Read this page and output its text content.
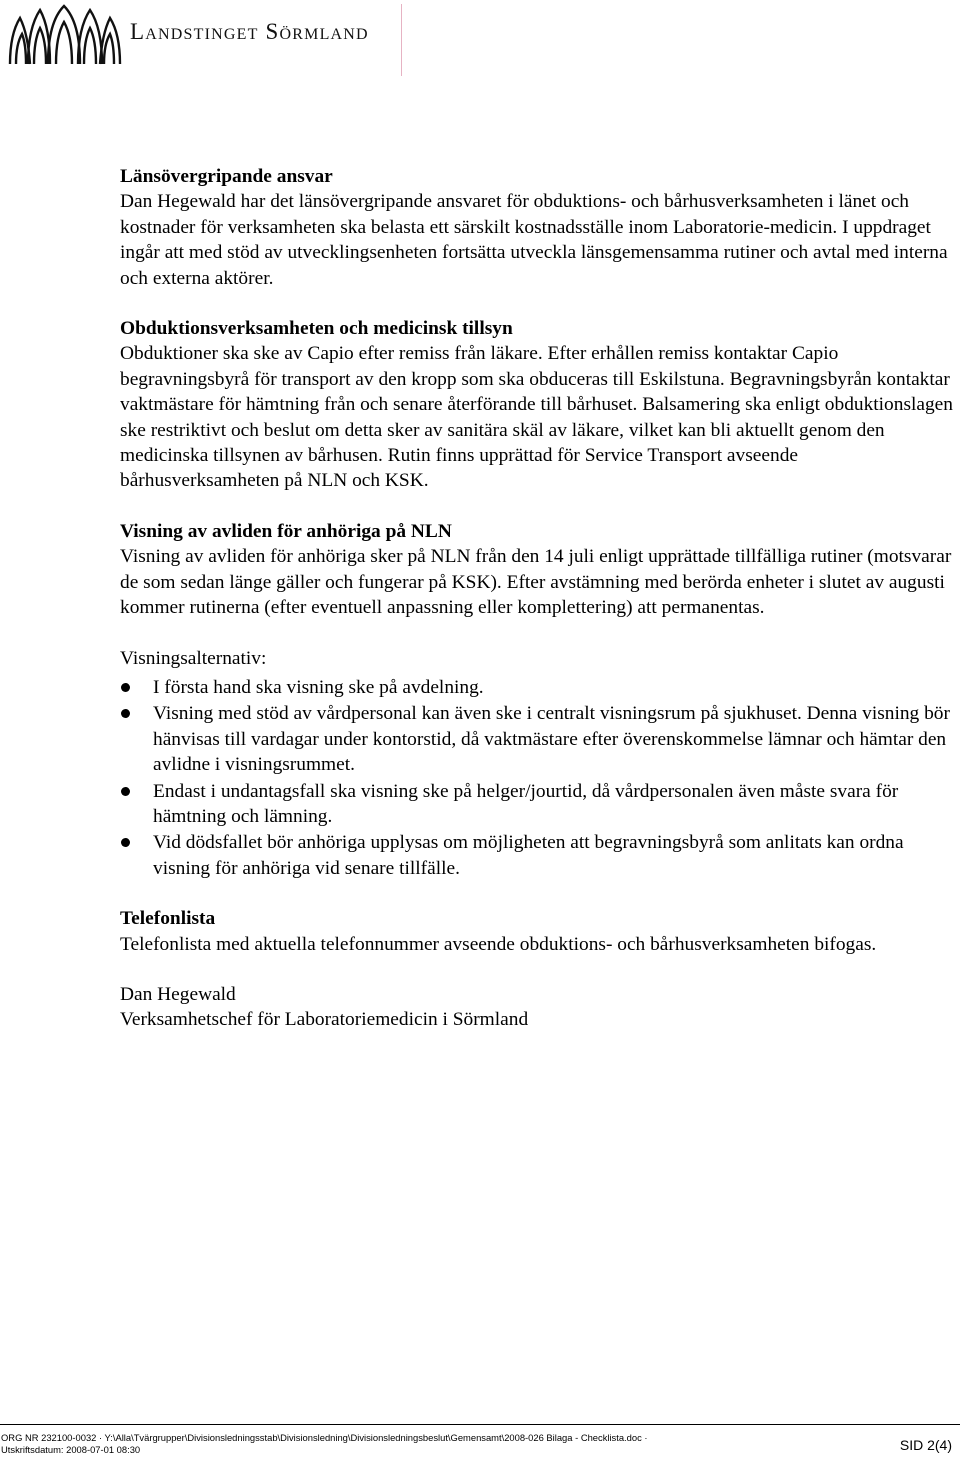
Landstinget Sörmland

Länsövergripande ansvar

Dan Hegewald har det länsövergripande ansvaret för obduktions- och bårhusverksamheten i länet och kostnader för verksamheten ska belasta ett särskilt kostnadsställe inom Laboratorie-medicin. I uppdraget ingår att med stöd av utvecklingsenheten fortsätta utveckla länsgemensamma rutiner och avtal med interna och externa aktörer.

Obduktionsverksamheten och medicinsk tillsyn

Obduktioner ska ske av Capio efter remiss från läkare. Efter erhållen remiss kontaktar Capio begravningsbyrå för transport av den kropp som ska obduceras till Eskilstuna. Begravningsbyrån kontaktar vaktmästare för hämtning från och senare återförande till bårhuset. Balsamering ska enligt obduktionslagen ske restriktivt och beslut om detta sker av sanitära skäl av läkare, vilket kan bli aktuellt genom den medicinska tillsynen av bårhusen. Rutin finns upprättad för Service Transport avseende bårhusverksamheten på NLN och KSK.

Visning av avliden för anhöriga på NLN

Visning av avliden för anhöriga sker på NLN från den 14 juli enligt upprättade tillfälliga rutiner (motsvarar de som sedan länge gäller och fungerar på KSK). Efter avstämning med berörda enheter i slutet av augusti kommer rutinerna (efter eventuell anpassning eller komplettering) att permanentas.

Visningsalternativ:

I första hand ska visning ske på avdelning.
Visning med stöd av vårdpersonal kan även ske i centralt visningsrum på sjukhuset. Denna visning bör hänvisas till vardagar under kontorstid, då vaktmästare efter överenskommelse lämnar och hämtar den avlidne i visningsrummet.
Endast i undantagsfall ska visning ske på helger/jourtid, då vårdpersonalen även måste svara för hämtning och lämning.
Vid dödsfallet bör anhöriga upplysas om möjligheten att begravningsbyrå som anlitats kan ordna visning för anhöriga vid senare tillfälle.

Telefonlista

Telefonlista med aktuella telefonnummer avseende obduktions- och bårhusverksamheten bifogas.

Dan Hegewald

Verksamhetschef för Laboratoriemedicin i Sörmland

ORG NR 232100-0032 · Y:\Alla\Tvärgrupper\Divisionsledningsstab\Divisionsledning\Divisionsledningsbeslut\Gemensamt\2008-026 Bilaga - Checklista.doc ·
Utskriftsdatum: 2008-07-01 08:30	SID 2(4)
